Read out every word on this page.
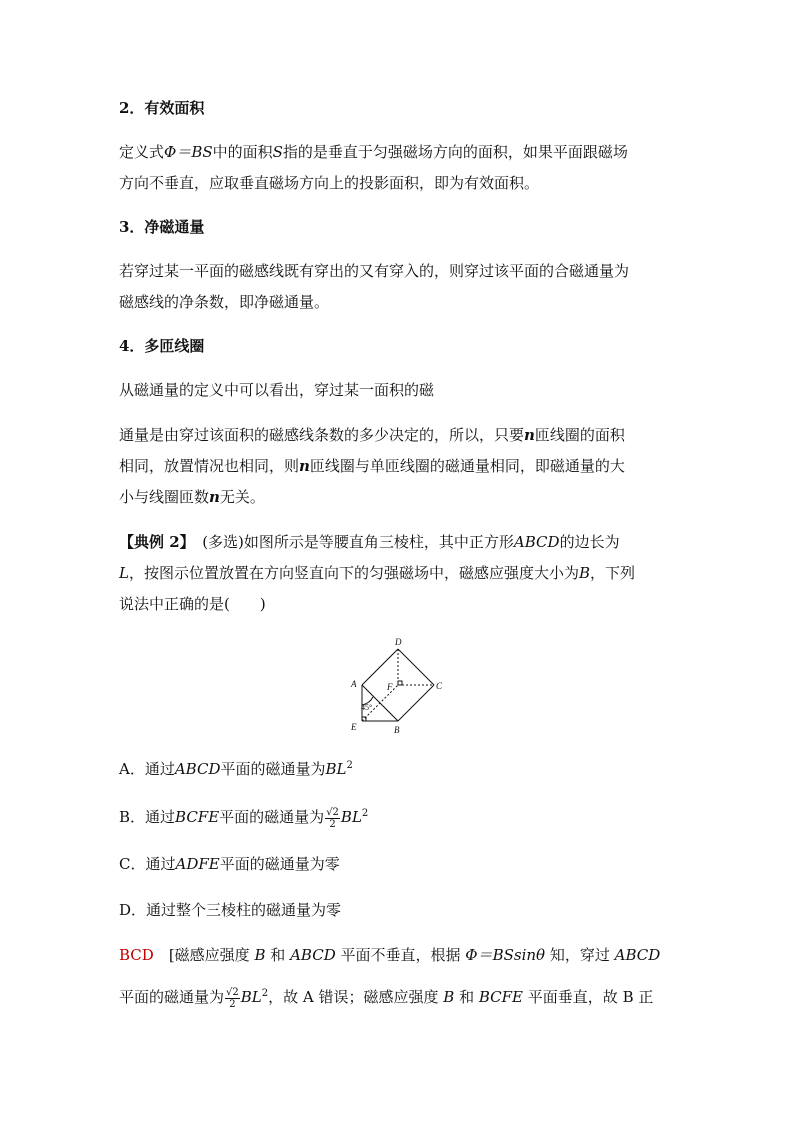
2．有效面积
定义式Φ＝BS中的面积S指的是垂直于匀强磁场方向的面积，如果平面跟磁场
方向不垂直，应取垂直磁场方向上的投影面积，即为有效面积。
3．净磁通量
若穿过某一平面的磁感线既有穿出的又有穿入的，则穿过该平面的合磁通量为
磁感线的净条数，即净磁通量。
4．多匝线圈
从磁通量的定义中可以看出，穿过某一面积的磁
通量是由穿过该面积的磁感线条数的多少决定的，所以，只要n匝线圈的面积
相同，放置情况也相同，则n匝线圈与单匝线圈的磁通量相同，即磁通量的大
小与线圈匝数n无关。
【典例 2】　 (多选)如图所示是等腰直角三棱柱，其中正方形ABCD的边长为
L，按图示位置放置在方向竖直向下的匀强磁场中，磁感应强度大小为B，下列
说法中正确的是(　　)
D
A	F	C
E	B
45°
A．通过ABCD平面的磁通量为$BL^2$
B．通过BCFE平面的磁通量为 $\frac{√2}{2} BL^2$
C．通过ADFE平面的磁通量为零
D．通过整个三棱柱的磁通量为零
BCD　 [磁感应强度 B 和 ABCD 平面不垂直，根据 Φ＝BSsinθ 知，穿过 ABCD
平面的磁通量为 $\frac{√2}{2} BL^2$，故 A 错误；磁感应强度 B 和 BCFE 平面垂直，故 B 正
